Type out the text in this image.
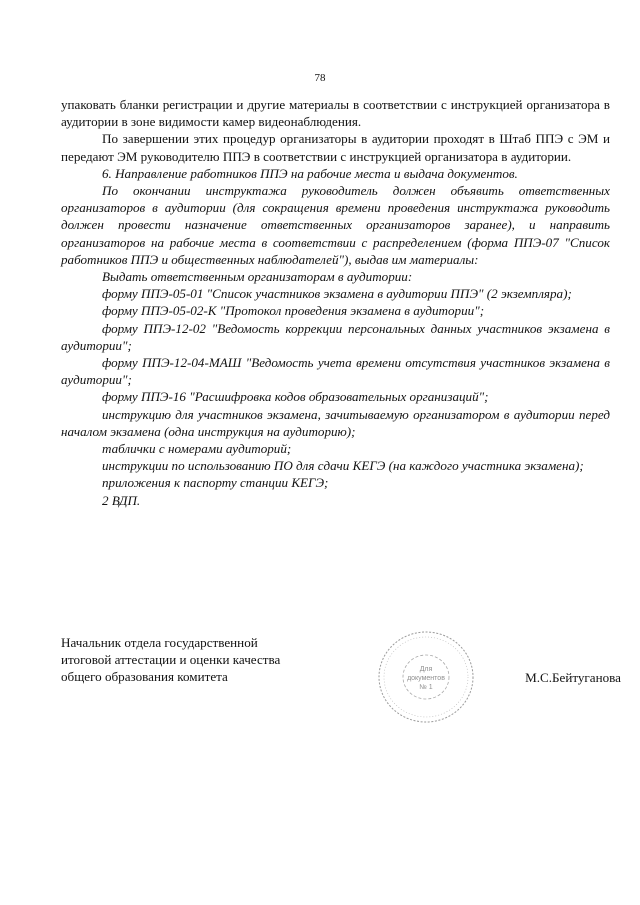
78

упаковать бланки регистрации и другие материалы в соответствии с инструкцией организатора в аудитории в зоне видимости камер видеонаблюдения.

По завершении этих процедур организаторы в аудитории проходят в Штаб ППЭ с ЭМ и передают ЭМ руководителю ППЭ в соответствии с инструкцией организатора в аудитории.

6. Направление работников ППЭ на рабочие места и выдача документов.

По окончании инструктажа руководитель должен объявить ответственных организаторов в аудитории (для сокращения времени проведения инструктажа руководить должен провести назначение ответственных организаторов заранее), и направить организаторов на рабочие места в соответствии с распределением (форма ППЭ-07 "Список работников ППЭ и общественных наблюдателей"), выдав им материалы:

Выдать ответственным организаторам в аудитории:

форму ППЭ-05-01 "Список участников экзамена в аудитории ППЭ" (2 экземпляра);

форму ППЭ-05-02-К "Протокол проведения экзамена в аудитории";

форму ППЭ-12-02 "Ведомость коррекции персональных данных участников экзамена в аудитории";

форму ППЭ-12-04-МАШ "Ведомость учета времени отсутствия участников экзамена в аудитории";

форму ППЭ-16 "Расшифровка кодов образовательных организаций";

инструкцию для участников экзамена, зачитываемую организатором в аудитории перед началом экзамена (одна инструкция на аудиторию);

таблички с номерами аудиторий;

инструкции по использованию ПО для сдачи КЕГЭ (на каждого участника экзамена);

приложения к паспорту станции КЕГЭ;

2 ВДП.

Начальник отдела государственной
итоговой аттестации и оценки качества
общего образования комитета	Для
документов
№ 1
М.С.Бейтуганова
